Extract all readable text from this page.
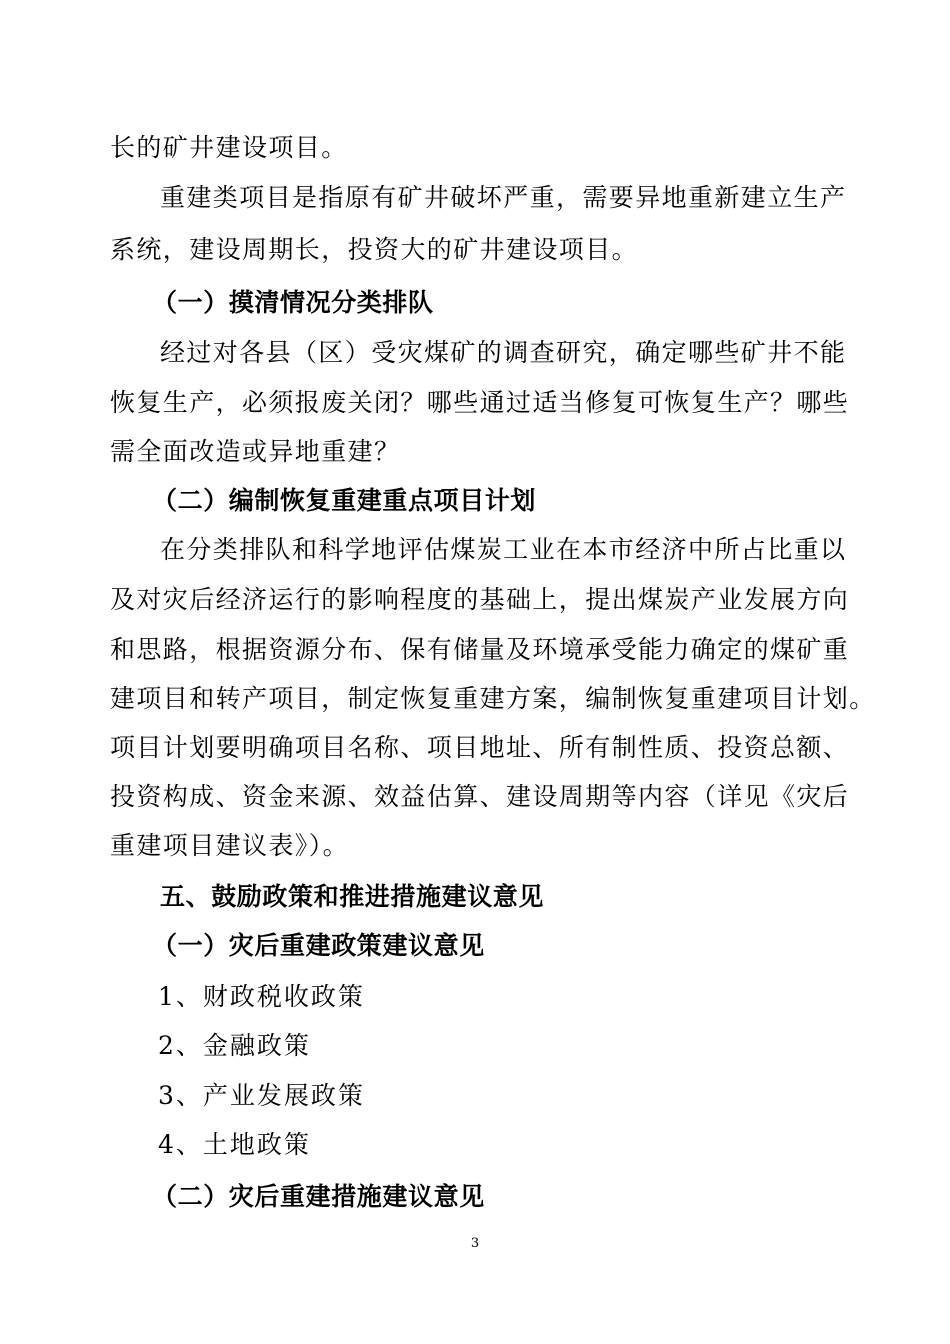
长的矿井建设项目。
重建类项目是指原有矿井破坏严重，需要异地重新建立生产
系统，建设周期长，投资大的矿井建设项目。
（一）摸清情况分类排队
经过对各县（区）受灾煤矿的调查研究，确定哪些矿井不能
恢复生产，必须报废关闭？哪些通过适当修复可恢复生产？哪些
需全面改造或异地重建？
（二）编制恢复重建重点项目计划
在分类排队和科学地评估煤炭工业在本市经济中所占比重以
及对灾后经济运行的影响程度的基础上，提出煤炭产业发展方向
和思路，根据资源分布、保有储量及环境承受能力确定的煤矿重
建项目和转产项目，制定恢复重建方案，编制恢复重建项目计划。
项目计划要明确项目名称、项目地址、所有制性质、投资总额、
投资构成、资金来源、效益估算、建设周期等内容（详见《灾后
重建项目建议表》）。
五、鼓励政策和推进措施建议意见
（一）灾后重建政策建议意见
1、财政税收政策
2、金融政策
3、产业发展政策
4、土地政策
（二）灾后重建措施建议意见
3
